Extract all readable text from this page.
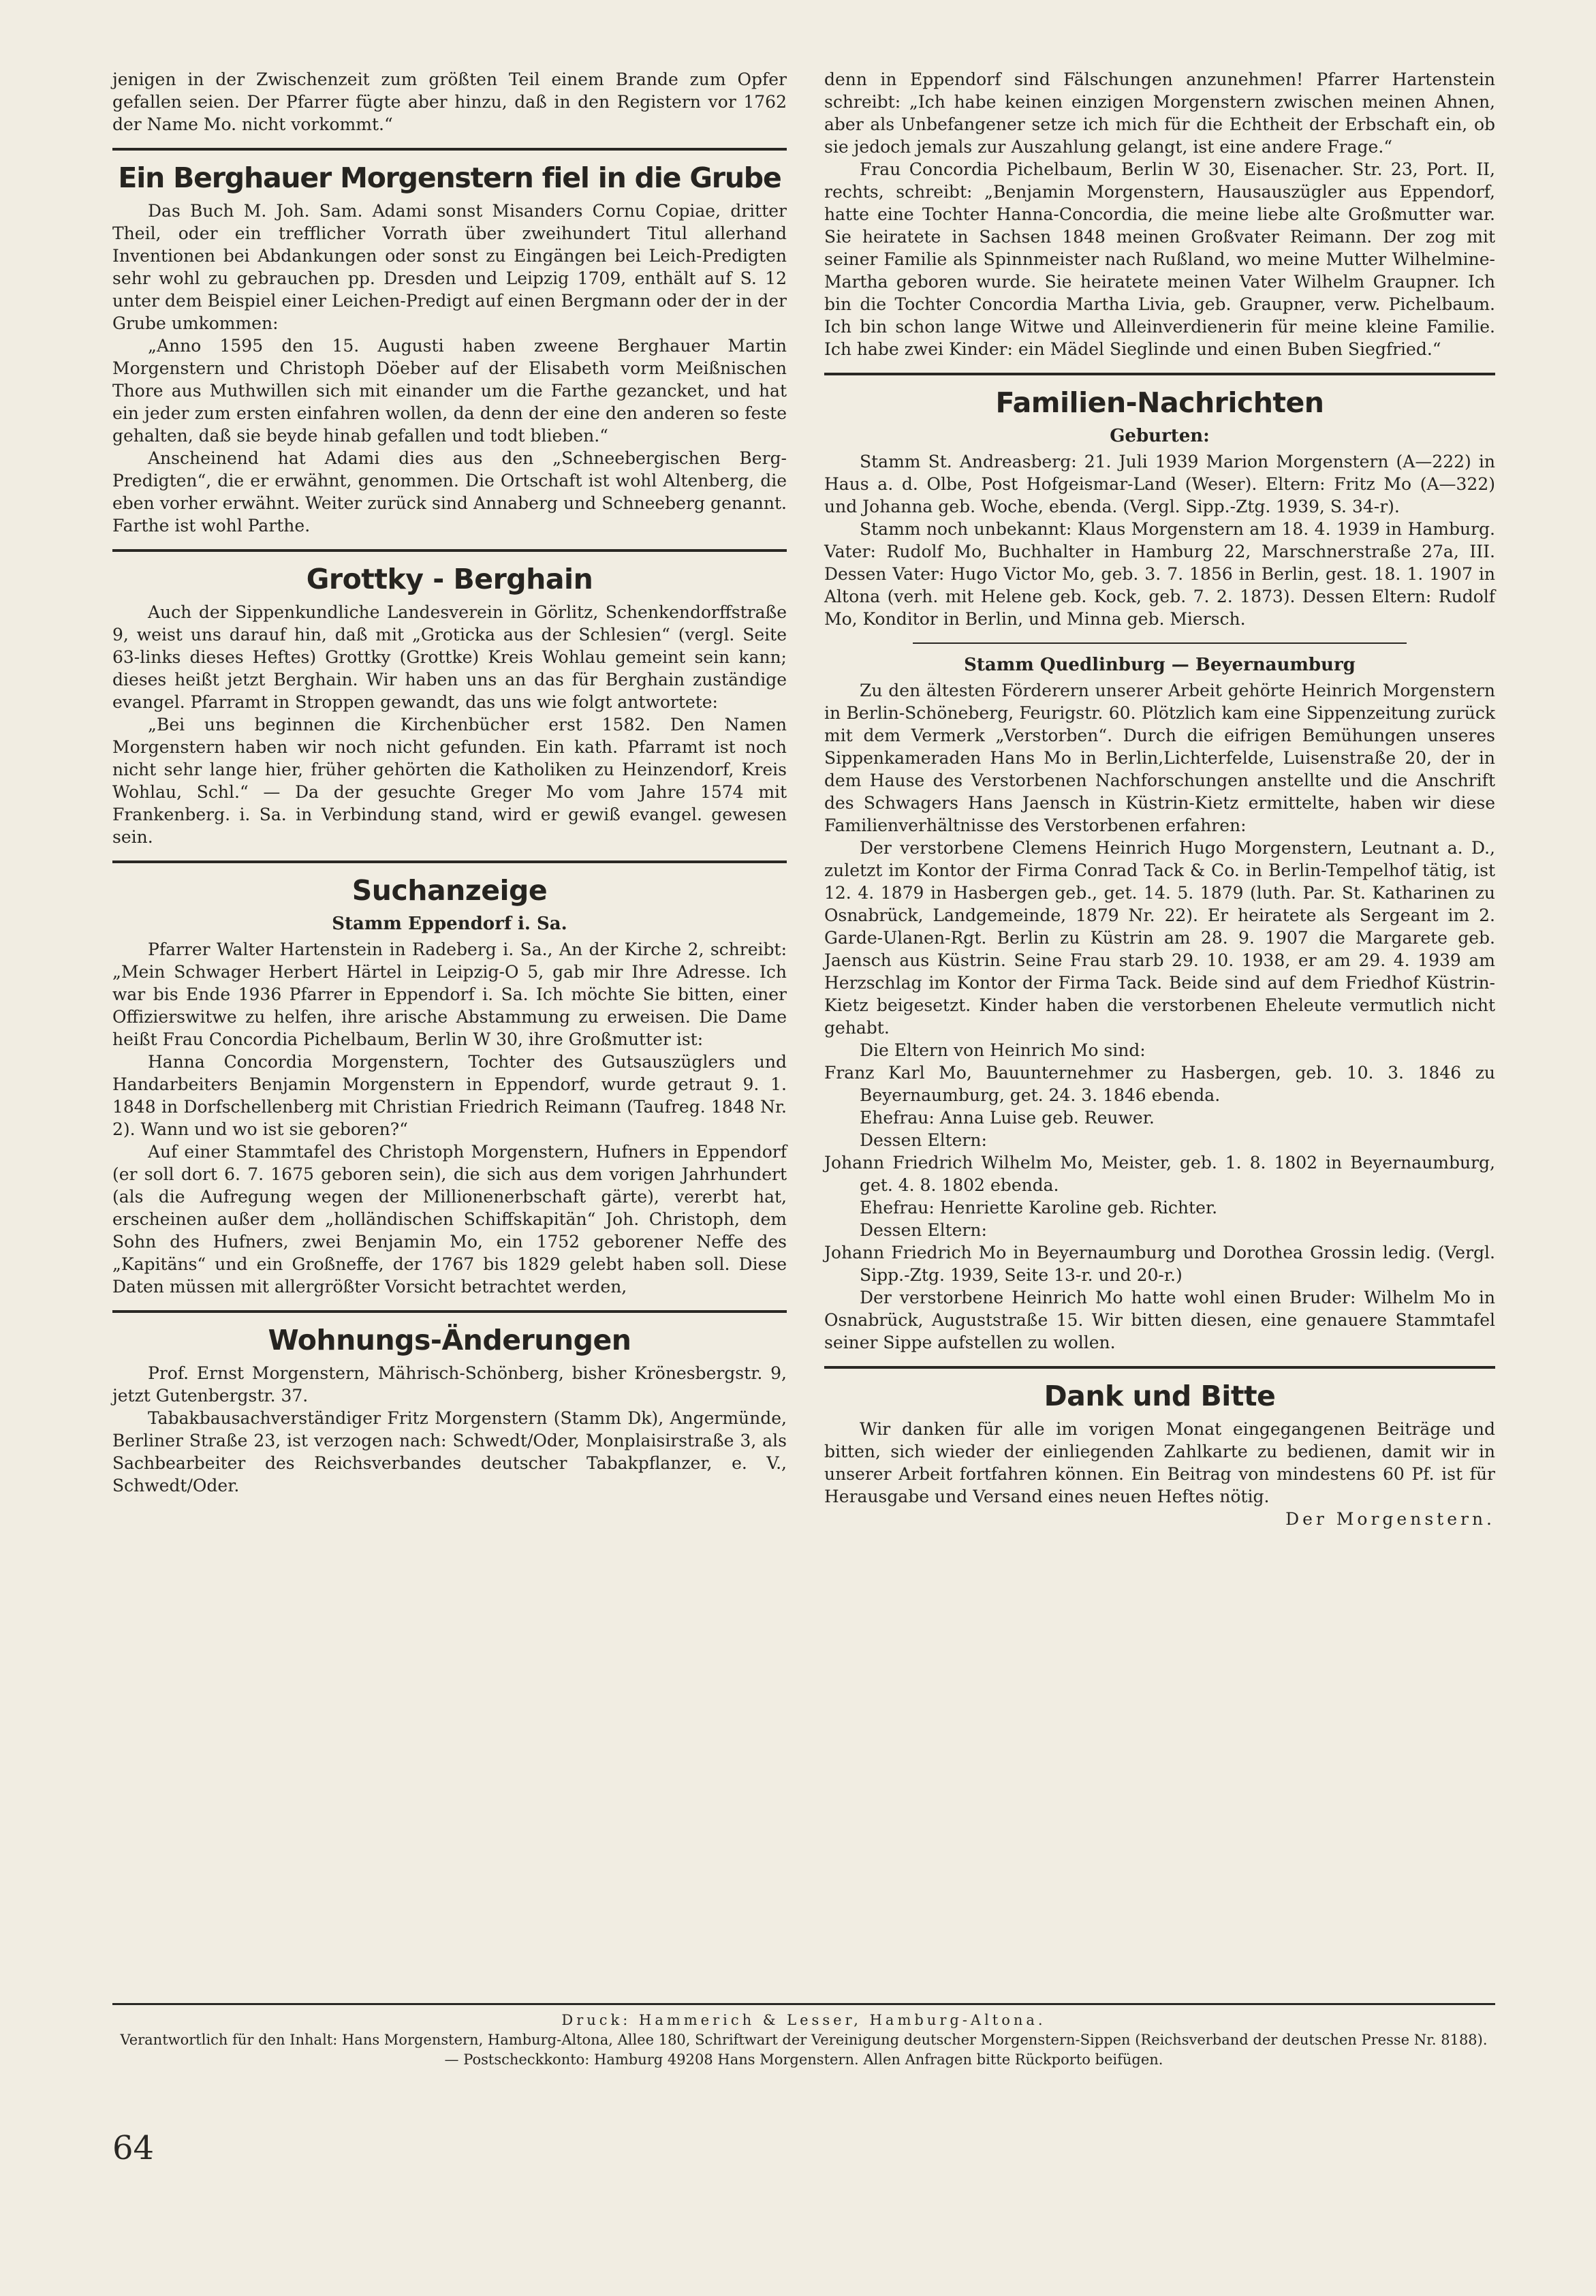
jenigen in der Zwischenzeit zum größten Teil einem Brande zum Opfer gefallen seien. Der Pfarrer fügte aber hinzu, daß in den Registern vor 1762 der Name Mo. nicht vorkommt.“

Ein Berghauer Morgenstern fiel in die Grube

Das Buch M. Joh. Sam. Adami sonst Misanders Cornu Copiae, dritter Theil, oder ein trefflicher Vorrath über zweihundert Titul allerhand Inventionen bei Abdankungen oder sonst zu Eingängen bei Leich-Predigten sehr wohl zu gebrauchen pp. Dresden und Leipzig 1709, enthält auf S. 12 unter dem Beispiel einer Leichen-Predigt auf einen Bergmann oder der in der Grube umkommen:

„Anno 1595 den 15. Augusti haben zweene Berghauer Martin Morgenstern und Christoph Döeber auf der Elisabeth vorm Meißnischen Thore aus Muthwillen sich mit einander um die Farthe gezancket, und hat ein jeder zum ersten einfahren wollen, da denn der eine den anderen so feste gehalten, daß sie beyde hinab gefallen und todt blieben.“

Anscheinend hat Adami dies aus den „Schneebergischen Berg-Predigten“, die er erwähnt, genommen. Die Ortschaft ist wohl Altenberg, die eben vorher erwähnt. Weiter zurück sind Annaberg und Schneeberg genannt. Farthe ist wohl Parthe.

Grottky - Berghain

Auch der Sippenkundliche Landesverein in Görlitz, Schenkendorffstraße 9, weist uns darauf hin, daß mit „Grotickа aus der Schlesien“ (vergl. Seite 63-links dieses Heftes) Grottky (Grottke) Kreis Wohlau gemeint sein kann; dieses heißt jetzt Berghain. Wir haben uns an das für Berghain zuständige evangel. Pfarramt in Stroppen gewandt, das uns wie folgt antwortete:

„Bei uns beginnen die Kirchenbücher erst 1582. Den Namen Morgenstern haben wir noch nicht gefunden. Ein kath. Pfarramt ist noch nicht sehr lange hier, früher gehörten die Katholiken zu Heinzendorf, Kreis Wohlau, Schl.“ — Da der gesuchte Greger Mo vom Jahre 1574 mit Frankenberg. i. Sa. in Verbindung stand, wird er gewiß evangel. gewesen sein.

Suchanzeige
Stamm Eppendorf i. Sa.

Pfarrer Walter Hartenstein in Radeberg i. Sa., An der Kirche 2, schreibt: „Mein Schwager Herbert Härtel in Leipzig-O 5, gab mir Ihre Adresse. Ich war bis Ende 1936 Pfarrer in Eppendorf i. Sa. Ich möchte Sie bitten, einer Offizierswitwe zu helfen, ihre arische Abstammung zu erweisen. Die Dame heißt Frau Concordia Pichelbaum, Berlin W 30, ihre Großmutter ist:

Hanna Concordia Morgenstern, Tochter des Gutsauszüglers und Handarbeiters Benjamin Morgenstern in Eppendorf, wurde getraut 9. 1. 1848 in Dorfschellenberg mit Christian Friedrich Reimann (Taufreg. 1848 Nr. 2). Wann und wo ist sie geboren?“

Auf einer Stammtafel des Christoph Morgenstern, Hufners in Eppendorf (er soll dort 6. 7. 1675 geboren sein), die sich aus dem vorigen Jahrhundert (als die Aufregung wegen der Millionenerbschaft gärte), vererbt hat, erscheinen außer dem „holländischen Schiffskapitän“ Joh. Christoph, dem Sohn des Hufners, zwei Benjamin Mo, ein 1752 geborener Neffe des „Kapitäns“ und ein Großneffe, der 1767 bis 1829 gelebt haben soll. Diese Daten müssen mit allergrößter Vorsicht betrachtet werden,

Wohnungs-Änderungen

Prof. Ernst Morgenstern, Mährisch-Schönberg, bisher Krönesbergstr. 9, jetzt Gutenbergstr. 37.

Tabakbausachverständiger Fritz Morgenstern (Stamm Dk), Angermünde, Berliner Straße 23, ist verzogen nach: Schwedt/Oder, Monplaisirstraße 3, als Sachbearbeiter des Reichsverbandes deutscher Tabakpflanzer, e. V., Schwedt/Oder.

denn in Eppendorf sind Fälschungen anzunehmen! Pfarrer Hartenstein schreibt: „Ich habe keinen einzigen Morgenstern zwischen meinen Ahnen, aber als Unbefangener setze ich mich für die Echtheit der Erbschaft ein, ob sie jedoch jemals zur Auszahlung gelangt, ist eine andere Frage.“

Frau Concordia Pichelbaum, Berlin W 30, Eisenacher. Str. 23, Port. II, rechts, schreibt: „Benjamin Morgenstern, Hausauszügler aus Eppendorf, hatte eine Tochter Hanna-Concordia, die meine liebe alte Großmutter war. Sie heiratete in Sachsen 1848 meinen Großvater Reimann. Der zog mit seiner Familie als Spinnmeister nach Rußland, wo meine Mutter Wilhelmine-Martha geboren wurde. Sie heiratete meinen Vater Wilhelm Graupner. Ich bin die Tochter Concordia Martha Livia, geb. Graupner, verw. Pichelbaum. Ich bin schon lange Witwe und Alleinverdienerin für meine kleine Familie. Ich habe zwei Kinder: ein Mädel Sieglinde und einen Buben Siegfried.“

Familien-Nachrichten
Geburten:

Stamm St. Andreasberg: 21. Juli 1939 Marion Morgenstern (A—222) in Haus a. d. Olbe, Post Hofgeismar-Land (Weser). Eltern: Fritz Mo (A—322) und Johanna geb. Woche, ebenda. (Vergl. Sipp.-Ztg. 1939, S. 34-r).

Stamm noch unbekannt: Klaus Morgenstern am 18. 4. 1939 in Hamburg. Vater: Rudolf Mo, Buchhalter in Hamburg 22, Marschnerstraße 27a, III. Dessen Vater: Hugo Victor Mo, geb. 3. 7. 1856 in Berlin, gest. 18. 1. 1907 in Altona (verh. mit Helene geb. Kock, geb. 7. 2. 1873). Dessen Eltern: Rudolf Mo, Konditor in Berlin, und Minna geb. Miersch.

Stamm Quedlinburg — Beyernaumburg

Zu den ältesten Förderern unserer Arbeit gehörte Heinrich Morgenstern in Berlin-Schöneberg, Feurigstr. 60. Plötzlich kam eine Sippenzeitung zurück mit dem Vermerk „Verstorben“. Durch die eifrigen Bemühungen unseres Sippenkameraden Hans Mo in Berlin,Lichterfelde, Luisenstraße 20, der in dem Hause des Verstorbenen Nachforschungen anstellte und die Anschrift des Schwagers Hans Jaensch in Küstrin-Kietz ermittelte, haben wir diese Familienverhältnisse des Verstorbenen erfahren:

Der verstorbene Clemens Heinrich Hugo Morgenstern, Leutnant a. D., zuletzt im Kontor der Firma Conrad Tack & Co. in Berlin-Tempelhof tätig, ist 12. 4. 1879 in Hasbergen geb., get. 14. 5. 1879 (luth. Par. St. Katharinen zu Osnabrück, Landgemeinde, 1879 Nr. 22). Er heiratete als Sergeant im 2. Garde-Ulanen-Rgt. Berlin zu Küstrin am 28. 9. 1907 die Margarete geb. Jaensch aus Küstrin. Seine Frau starb 29. 10. 1938, er am 29. 4. 1939 am Herzschlag im Kontor der Firma Tack. Beide sind auf dem Friedhof Küstrin-Kietz beigesetzt. Kinder haben die verstorbenen Eheleute vermutlich nicht gehabt.

Die Eltern von Heinrich Mo sind:

Franz Karl Mo, Bauunternehmer zu Hasbergen, geb. 10. 3. 1846 zu Beyernaumburg, get. 24. 3. 1846 ebenda.

Ehefrau: Anna Luise geb. Reuwer.

Dessen Eltern:

Johann Friedrich Wilhelm Mo, Meister, geb. 1. 8. 1802 in Beyernaumburg, get. 4. 8. 1802 ebenda.

Ehefrau: Henriette Karoline geb. Richter.

Dessen Eltern:

Johann Friedrich Mo in Beyernaumburg und Dorothea Grossin ledig. (Vergl. Sipp.-Ztg. 1939, Seite 13-r. und 20-r.)

Der verstorbene Heinrich Mo hatte wohl einen Bruder: Wilhelm Mo in Osnabrück, Auguststraße 15. Wir bitten diesen, eine genauere Stammtafel seiner Sippe aufstellen zu wollen.

Dank und Bitte

Wir danken für alle im vorigen Monat eingegangenen Beiträge und bitten, sich wieder der einliegenden Zahlkarte zu bedienen, damit wir in unserer Arbeit fortfahren können. Ein Beitrag von mindestens 60 Pf. ist für Herausgabe und Versand eines neuen Heftes nötig.

Der Morgenstern.

Druck: Hammerich & Lesser, Hamburg-Altona.

Verantwortlich für den Inhalt: Hans Morgenstern, Hamburg-Altona, Allee 180, Schriftwart der Vereinigung deutscher Morgenstern-Sippen (Reichsverband der deutschen Presse Nr. 8188). — Postscheckkonto: Hamburg 49208 Hans Morgenstern. Allen Anfragen bitte Rückporto beifügen.

64
